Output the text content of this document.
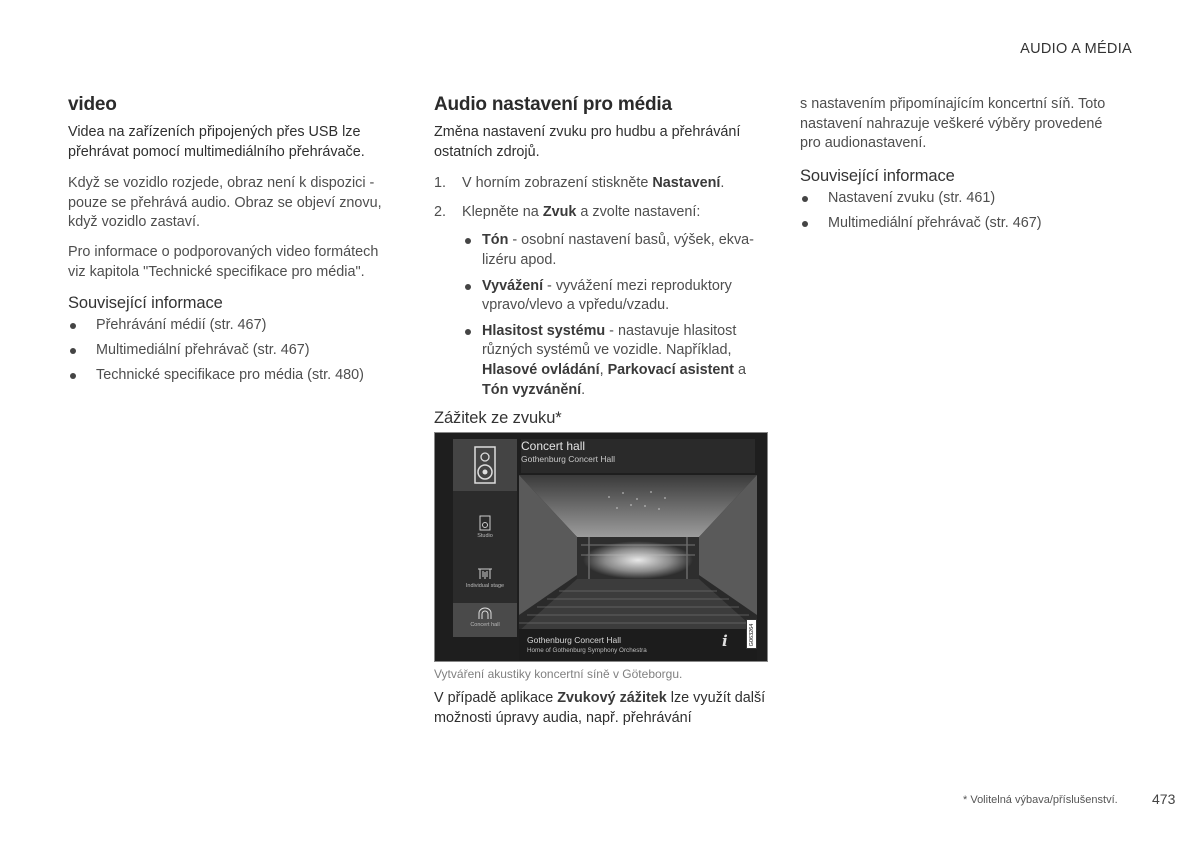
AUDIO A MÉDIA
video

Videa na zařízeních připojených přes USB lze přehrávat pomocí multimediálního přehrávače.

Když se vozidlo rozjede, obraz není k dispozici - pouze se přehrává audio. Obraz se objeví znovu, když vozidlo zastaví.

Pro informace o podporovaných video formátech viz kapitola "Technické specifikace pro média".

Související informace
Přehrávání médií (str. 467)
Multimediální přehrávač (str. 467)
Technické specifikace pro média (str. 480)
Audio nastavení pro média

Změna nastavení zvuku pro hudbu a přehrávání ostatních zdrojů.

1. V horním zobrazení stiskněte Nastavení.
2. Klepněte na Zvuk a zvolte nastavení:
Tón - osobní nastavení basů, výšek, ekva-lizéru apod.
Vyvážení - vyvážení mezi reproduktory vpravo/vlevo a vpředu/vzadu.
Hlasitost systému - nastavuje hlasitost různých systémů ve vozidle. Například, Hlasové ovládání, Parkovací asistent a Tón vyzvánění.
Zážitek ze zvuku*
Studio
Individual stage
Concert hall
Concert hall
Gothenburg Concert Hall
Gothenburg Concert Hall
Home of Gothenburg Symphony Orchestra
i	G063264

Vytváření akustiky koncertní síně v Göteborgu.

V případě aplikace Zvukový zážitek lze využít další možnosti úpravy audia, např. přehrávání

s nastavením připomínajícím koncertní síň. Toto nastavení nahrazuje veškeré výběry provedené pro audionastavení.

Související informace
Nastavení zvuku (str. 461)
Multimediální přehrávač (str. 467)
* Volitelná výbava/příslušenství. 473
